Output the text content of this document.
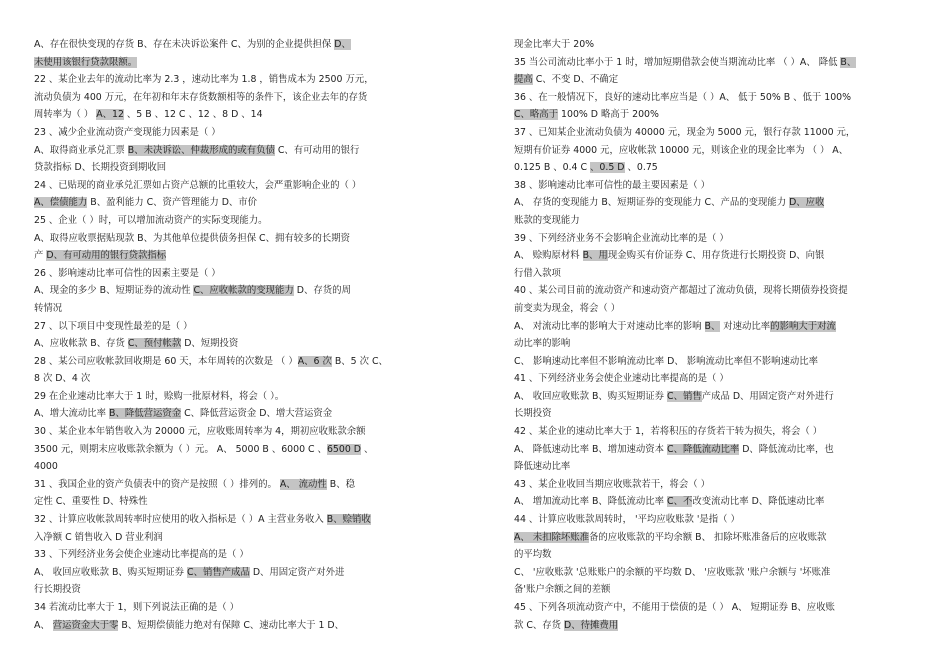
A、存在很快变现的存货 B、存在未决诉讼案件 C、为别的企业提供担保 D、
未使用该银行贷款限额。
22 、某企业去年的流动比率为 2.3 ，速动比率为 1.8 ，销售成本为 2500 万元，
流动负债为 400 万元，在年初和年末存货数额相等的条件下，该企业去年的存货
周转率为（ ） A、12 、5 B 、12 C 、12 、8 D 、14
23 、减少企业流动资产变现能力因素是（ ）
A、取得商业承兑汇票 B、未决诉讼、仲裁形成的或有负债 C、有可动用的银行
贷款指标 D、长期投资到期收回
24 、已贴现的商业承兑汇票如占资产总额的比重较大，会严重影响企业的（ ）
A、偿债能力 B、盈利能力 C、资产管理能力 D、市价
25 、企业（ ）时，可以增加流动资产的实际变现能力。
A、取得应收票据贴现款 B、为其他单位提供债务担保 C、拥有较多的长期资
产 D、有可动用的银行贷款指标
26 、影响速动比率可信性的因素主要是（ ）
A、现金的多少 B、短期证券的流动性 C、应收帐款的变现能力 D、存货的周
转情况
27 、以下项目中变现性最差的是（ ）
A、应收帐款 B、存货 C、预付帐款 D、短期投资
28 、某公司应收帐款回收期是 60 天，本年周转的次数是 （ ）A、6 次 B、5 次 C、
8 次 D、4 次
29 在企业速动比率大于 1 时，赊购一批原材料，将会（ ）。
A、增大流动比率 B、降低营运资金 C、降低营运资金 D、增大营运资金
30 、某企业本年销售收入为 20000 元，应收账周转率为 4，期初应收账款余额
3500 元，则期末应收账款余额为（ ）元。 A、 5000 B 、6000 C 、6500 D 、
4000
31 、我国企业的资产负债表中的资产是按照（ ）排列的。 A、 流动性 B、稳
定性 C、重要性 D、特殊性
32 、计算应收帐款周转率时应使用的收入指标是（ ）A 主营业务收入 B、赊销收
入净额 C 销售收入 D 营业利润
33 、下列经济业务会使企业速动比率提高的是（ ）
A、 收回应收账款 B、购买短期证券 C、销售产成品 D、用固定资产对外进
行长期投资
34 若流动比率大于 1，则下列说法正确的是（ ）
A、 营运资金大于零 B、短期偿债能力绝对有保障 C、速动比率大于 1 D、
现金比率大于 20%
35 当公司流动比率小于 1 时，增加短期借款会使当期流动比率 （ ）A、 降低 B、
提高 C、不变 D、不确定
36 、在一般情况下，良好的速动比率应当是（ ）A、 低于 50% B 、低于 100%
C、略高于 100% D 略高于 200%
37 、已知某企业流动负债为 40000 元，现金为 5000 元，银行存款 11000 元，
短期有价证券 4000 元，应收帐款 10000 元，则该企业的现金比率为 （ ） A、
0.125 B 、0.4 C 、0.5 D 、0.75
38 、影响速动比率可信性的最主要因素是（ ）
A、 存货的变现能力 B、短期证券的变现能力 C、产品的变现能力 D、应收
账款的变现能力
39 、下列经济业务不会影响企业流动比率的是（ ）
A、 赊购原材料 B、用现金购买有价证券 C、用存货进行长期投资 D、向银
行借入款项
40 、某公司目前的流动资产和速动资产都超过了流动负债，现将长期债券投资提
前变卖为现金，将会（ ）
A、 对流动比率的影响大于对速动比率的影响 B、 对速动比率的影响大于对流
动比率的影响
C、 影响速动比率但不影响流动比率 D、 影响流动比率但不影响速动比率
41 、下列经济业务会使企业速动比率提高的是（ ）
A、 收回应收账款 B、购买短期证券 C、销售产成品 D、用固定资产对外进行
长期投资
42 、某企业的速动比率大于 1，若将积压的存货若干转为损失，将会（ ）
A、 降低速动比率 B、增加速动资本 C、降低流动比率 D、降低流动比率，也
降低速动比率
43 、某企业收回当期应收账款若干，将会（ ）
A、 增加流动比率 B、降低流动比率 C、不改变流动比率 D、降低速动比率
44 、计算应收账款周转时， '平均应收账款 '是指（ ）
A、 未扣除坏账准备的应收账款的平均余额 B、 扣除坏账准备后的应收账款
的平均数
C、 '应收账款 '总账账户的余额的平均数 D、 '应收账款 '账户余额与 '坏账准
备'账户余额之间的差额
45 、下列各项流动资产中，不能用于偿债的是（ ） A、 短期证券 B、应收账
款 C、存货 D、待摊费用
